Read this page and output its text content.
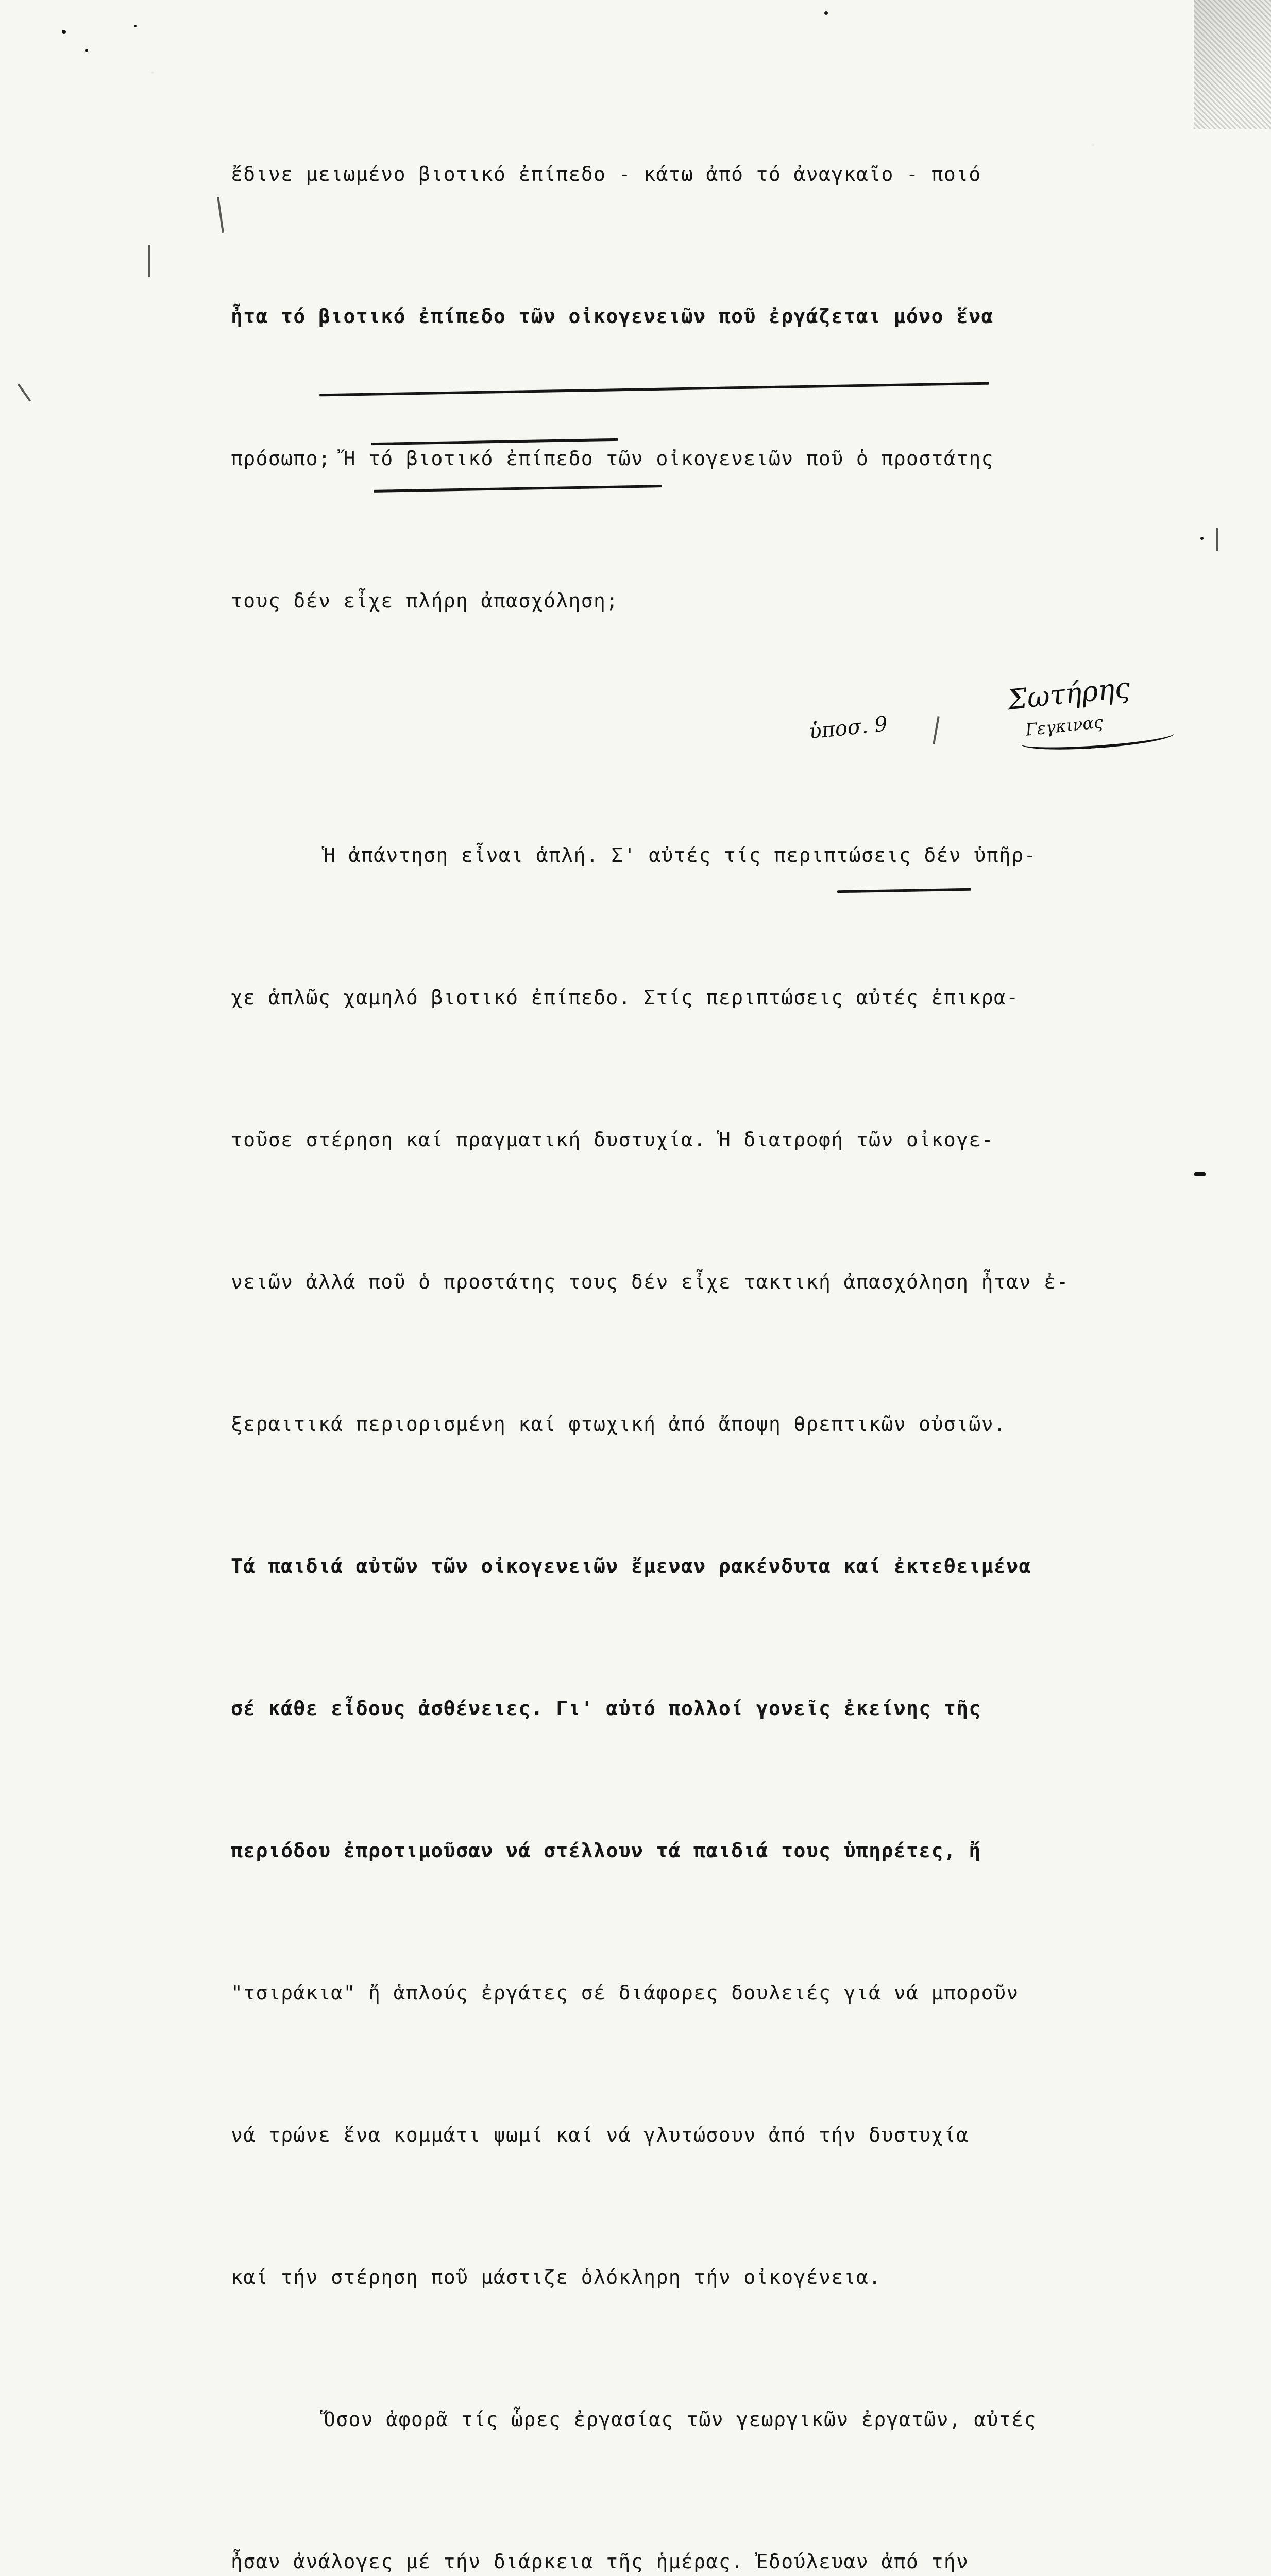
ἔδινε μειωμένο βιοτικό ἐπίπεδο - κάτω ἀπό τό ἀναγκαῖο - ποιό

ἦτα τό βιοτικό ἐπίπεδο τῶν οἰκογενειῶν ποῦ ἐργάζεται μόνο ἕνα

πρόσωπο; Ἤ τό βιοτικό ἐπίπεδο τῶν οἰκογενειῶν ποῦ ὁ προστάτης

τους δέν εἶχε πλήρη ἀπασχόληση;

Ἡ ἀπάντηση εἶναι ἁπλή. Σ' αὐτές τίς περιπτώσεις δέν ὑπῆρ-

χε ἁπλῶς χαμηλό βιοτικό ἐπίπεδο. Στίς περιπτώσεις αὐτές ἐπικρα-

τοῦσε στέρηση καί πραγματική δυστυχία. Ἡ διατροφή τῶν οἰκογε-

νειῶν ἀλλά ποῦ ὁ προστάτης τους δέν εἶχε τακτική ἀπασχόληση ἦταν ἐ-

ξεραιτικά περιορισμένη καί φτωχική ἀπό ἄποψη θρεπτικῶν οὐσιῶν.

Τά παιδιά αὐτῶν τῶν οἰκογενειῶν ἔμεναν ρακένδυτα καί ἐκτεθειμένα

σέ κάθε εἶδους ἀσθένειες. Γι' αὐτό πολλοί γονεῖς ἐκείνης τῆς

περιόδου ἐπροτιμοῦσαν νά στέλλουν τά παιδιά τους ὑπηρέτες, ἤ

"τσιράκια" ἤ ἁπλούς ἐργάτες σέ διάφορες δουλειές γιά νά μποροῦν

νά τρώνε ἕνα κομμάτι ψωμί καί νά γλυτώσουν ἀπό τήν δυστυχία

καί τήν στέρηση ποῦ μάστιζε ὁλόκληρη τήν οἰκογένεια.

Ὅσον ἀφορᾶ τίς ὧρες ἐργασίας τῶν γεωργικῶν ἐργατῶν, αὐτές

ἦσαν ἀνάλογες μέ τήν διάρκεια τῆς ἡμέρας. Ἐδούλευαν ἀπό τήν

Σωτήρης
ὑποσ. 9	Γεγκινας
